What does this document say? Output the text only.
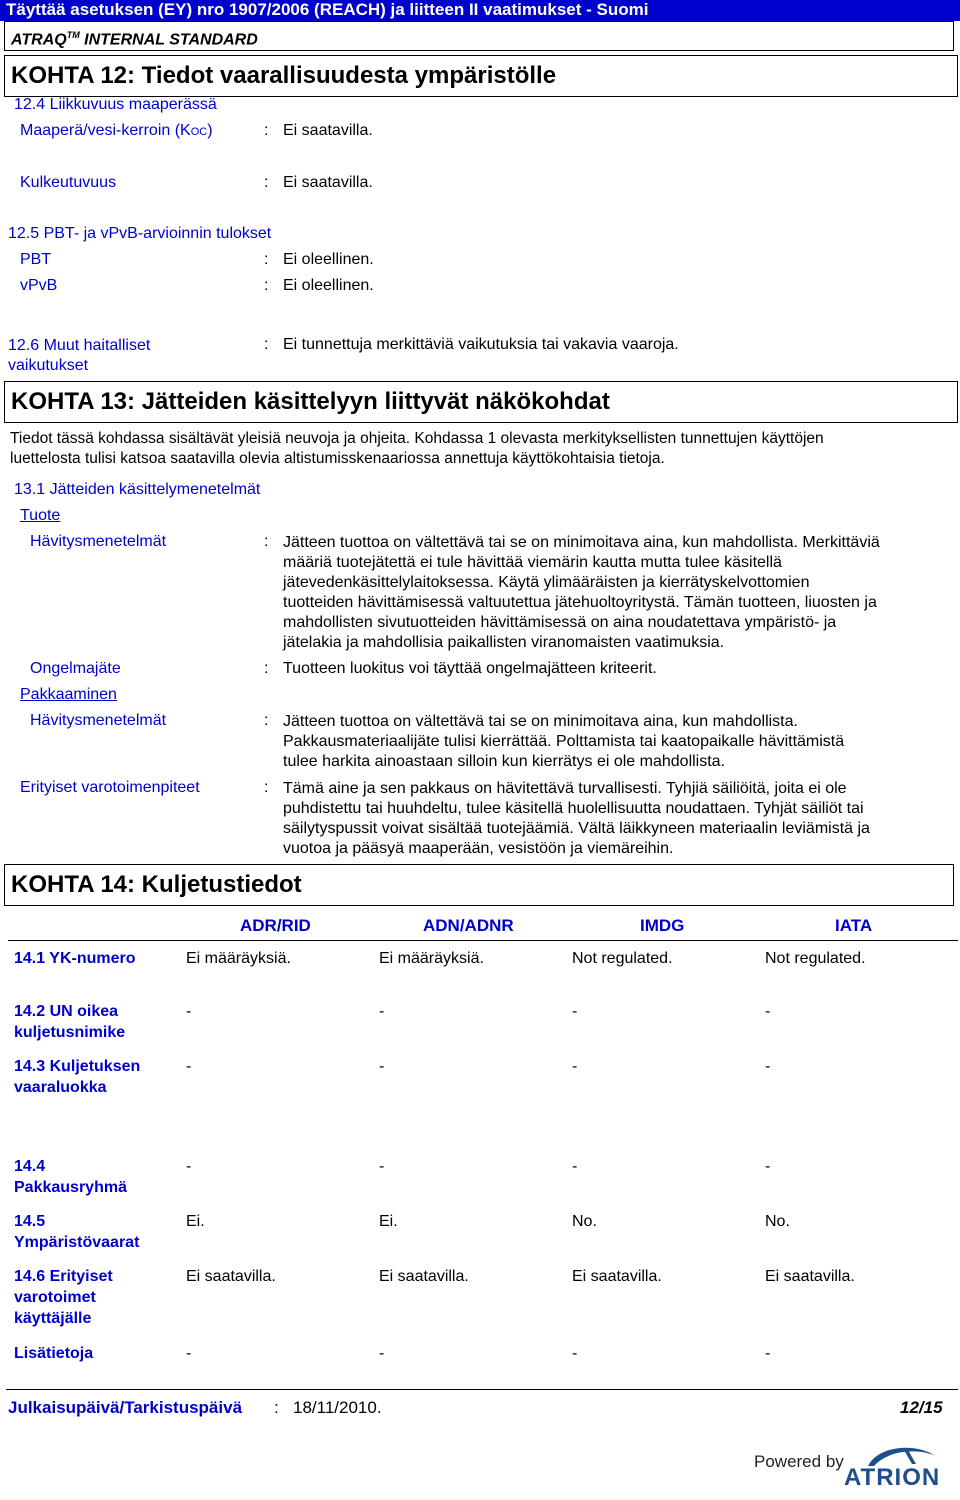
Täyttää asetuksen (EY) nro 1907/2006 (REACH) ja liitteen II vaatimukset - Suomi
ATRAQ™ INTERNAL STANDARD
KOHTA 12: Tiedot vaarallisuudesta ympäristölle
12.4 Liikkuvuus maaperässä
Maaperä/vesi-kerroin (KOC)	: Ei saatavilla.
Kulkeutuvuus	: Ei saatavilla.
12.5 PBT- ja vPvB-arvioinnin tulokset
PBT	: Ei oleellinen.
vPvB	: Ei oleellinen.
12.6 Muut haitalliset
vaikutukset
: Ei tunnettuja merkittäviä vaikutuksia tai vakavia vaaroja.
KOHTA 13: Jätteiden käsittelyyn liittyvät näkökohdat
Tiedot tässä kohdassa sisältävät yleisiä neuvoja ja ohjeita. Kohdassa 1 olevasta merkityksellisten tunnettujen käyttöjen
luettelosta tulisi katsoa saatavilla olevia altistumisskenaariossa annettuja käyttökohtaisia tietoja.
13.1 Jätteiden käsittelymenetelmät
Tuote
Hävitysmenetelmät	: Jätteen tuottoa on vältettävä tai se on minimoitava aina, kun mahdollista. Merkittäviä
määriä tuotejätettä ei tule hävittää viemärin kautta mutta tulee käsitellä
jätevedenkäsittelylaitoksessa. Käytä ylimääräisten ja kierrätyskelvottomien
tuotteiden hävittämisessä valtuutettua jätehuoltoyritystä. Tämän tuotteen, liuosten ja
mahdollisten sivutuotteiden hävittämisessä on aina noudatettava ympäristö- ja
jätelakia ja mahdollisia paikallisten viranomaisten vaatimuksia.
Ongelmajäte	: Tuotteen luokitus voi täyttää ongelmajätteen kriteerit.
Pakkaaminen
Hävitysmenetelmät	: Jätteen tuottoa on vältettävä tai se on minimoitava aina, kun mahdollista.
Pakkausmateriaalijäte tulisi kierrättää. Polttamista tai kaatopaikalle hävittämistä
tulee harkita ainoastaan silloin kun kierrätys ei ole mahdollista.
Erityiset varotoimenpiteet	: Tämä aine ja sen pakkaus on hävitettävä turvallisesti. Tyhjiä säiliöitä, joita ei ole
puhdistettu tai huuhdeltu, tulee käsitellä huolellisuutta noudattaen. Tyhjät säiliöt tai
säilytyspussit voivat sisältää tuotejäämiä. Vältä läikkyneen materiaalin leviämistä ja
vuotoa ja pääsyä maaperään, vesistöön ja viemäreihin.
KOHTA 14: Kuljetustiedot
ADR/RID	ADN/ADNR	IMDG	IATA
14.1 YK-numero	Ei määräyksiä.	Ei määräyksiä.	Not regulated.	Not regulated.
14.2 UN oikea
kuljetusnimike
-	-	-	-
14.3 Kuljetuksen
vaaraluokka
-	-	-	-
14.4
Pakkausryhmä
-	-	-	-
14.5
Ympäristövaarat
Ei.	Ei.	No.	No.
14.6 Erityiset
varotoimet
käyttäjälle
Ei saatavilla.	Ei saatavilla.	Ei saatavilla.	Ei saatavilla.
Lisätietoja	-	-	-	-
Julkaisupäivä/Tarkistuspäivä : 18/11/2010.	12/15
Powered by
ATRION
